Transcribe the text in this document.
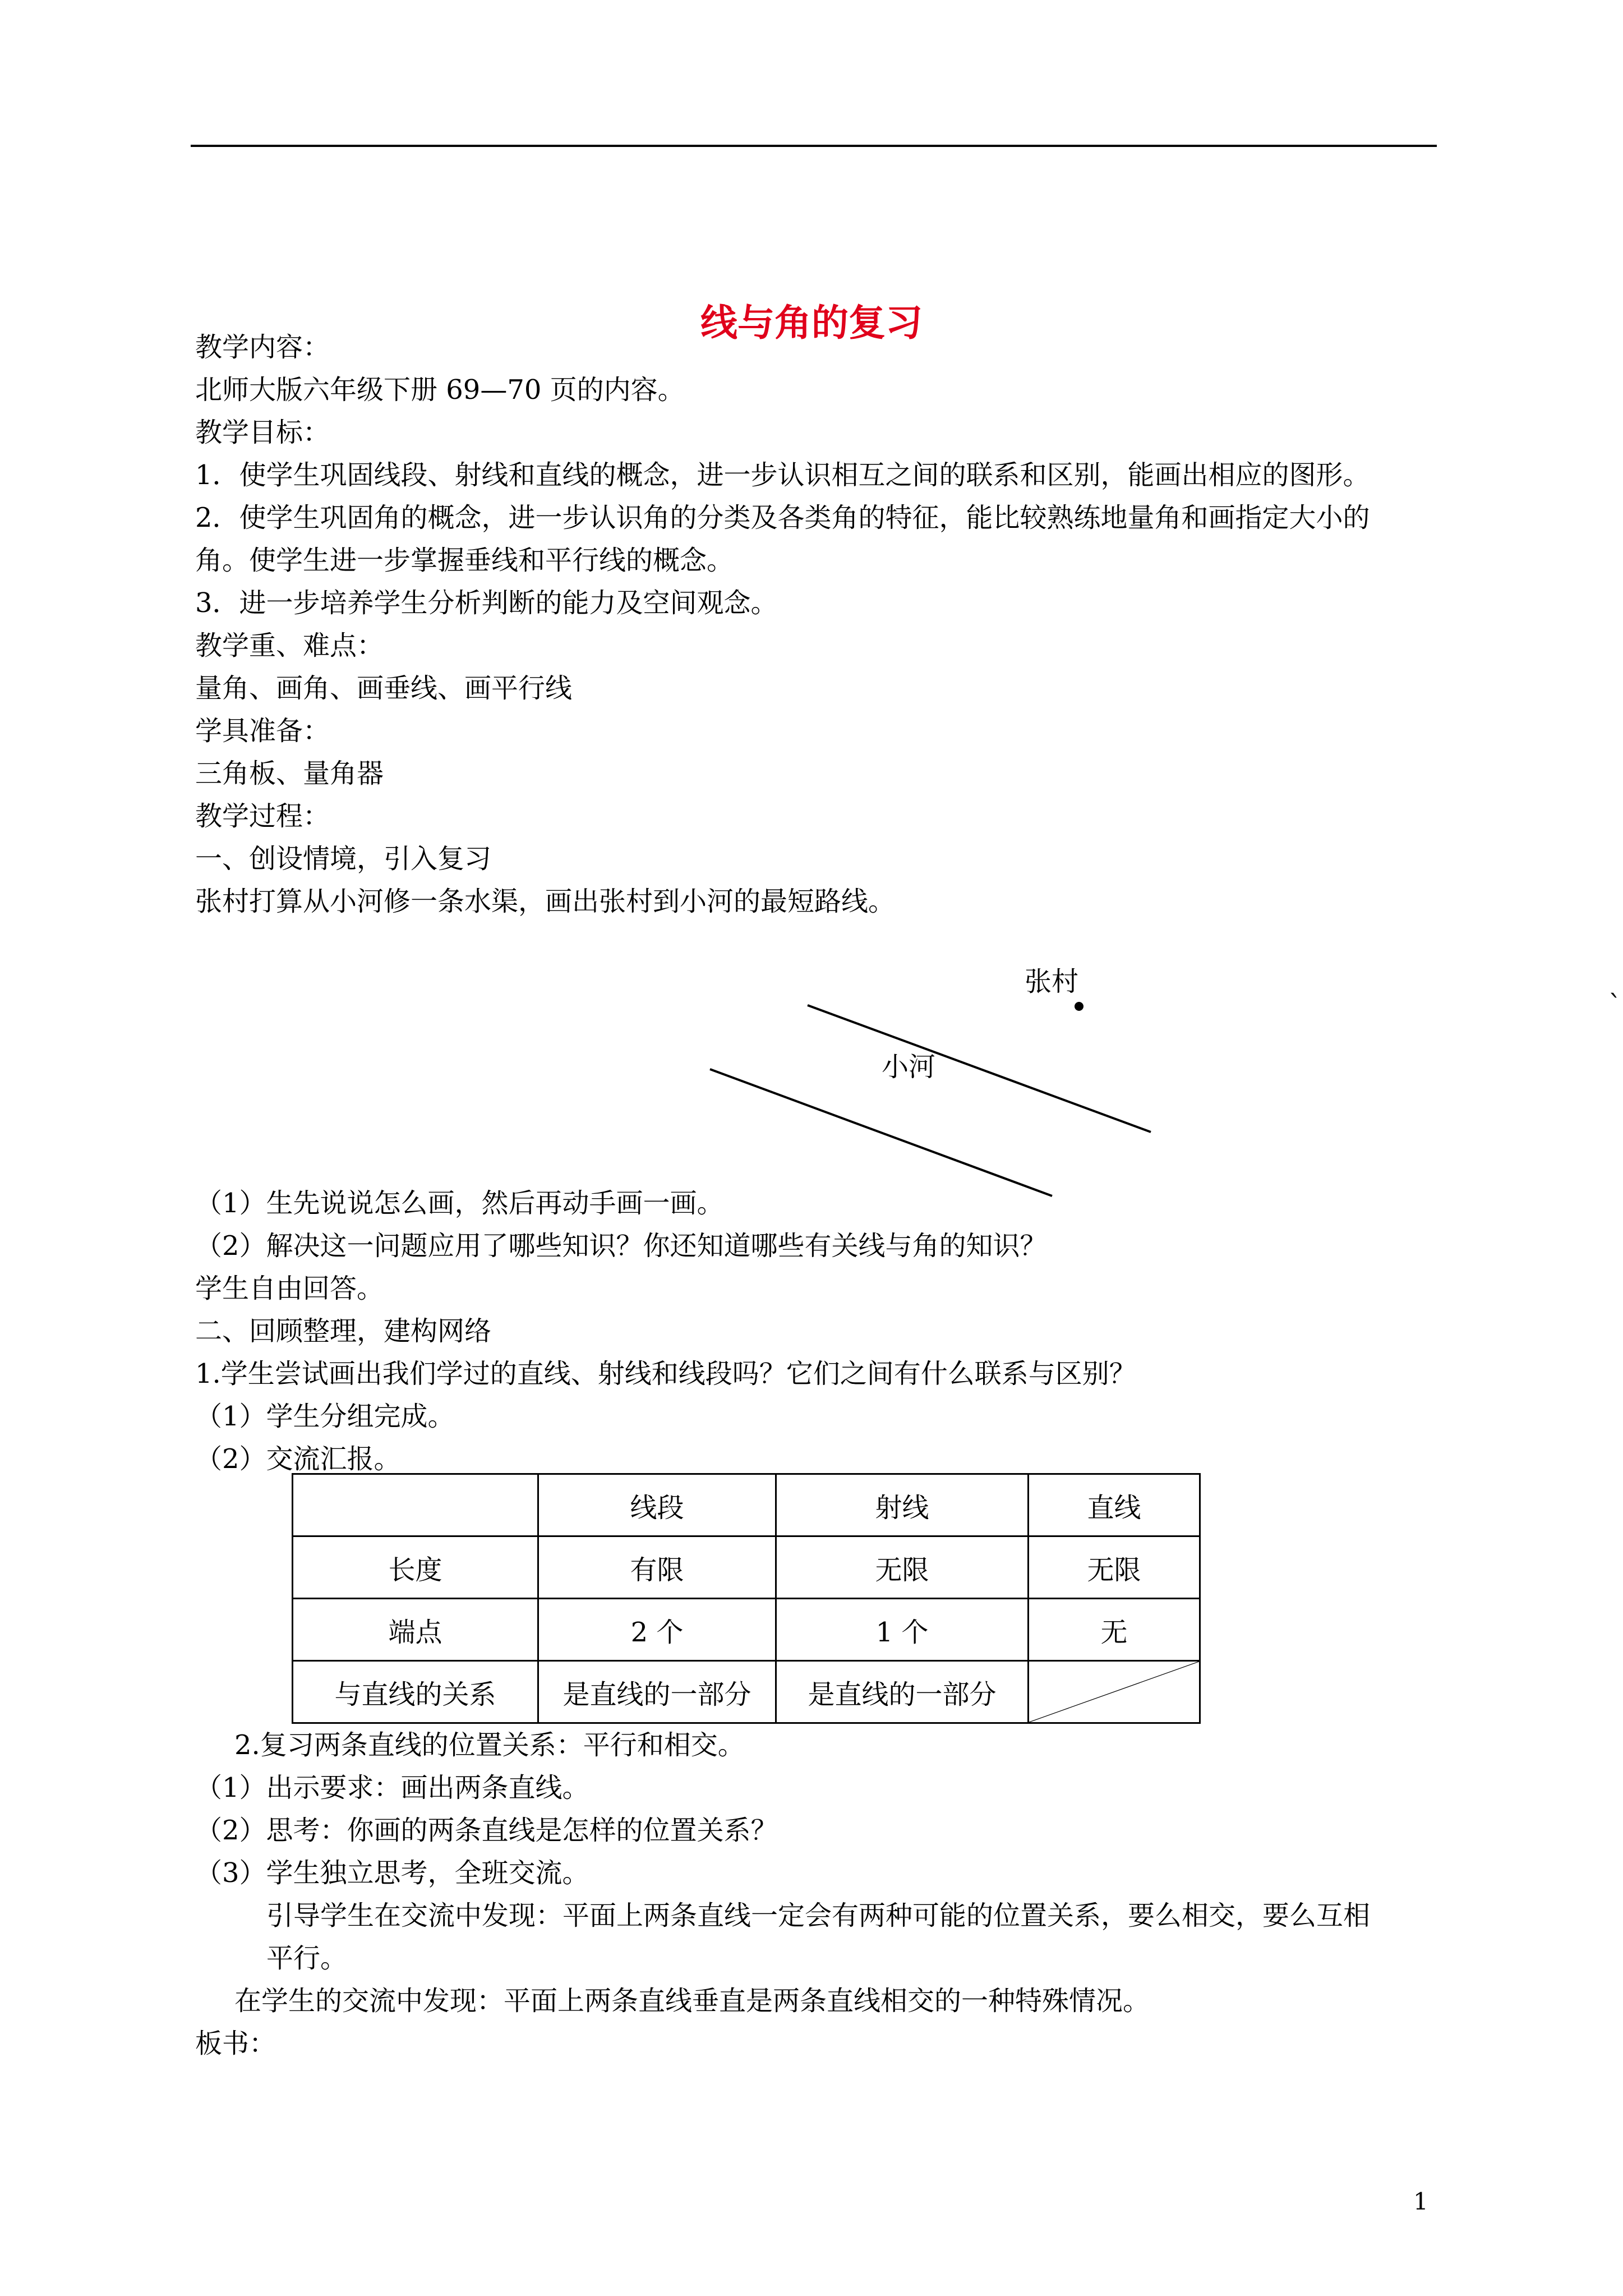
线与角的复习
教学内容：
北师大版六年级下册 69—70 页的内容。
教学目标：
1．使学生巩固线段、射线和直线的概念，进一步认识相互之间的联系和区别，能画出相应的图形。
2．使学生巩固角的概念，进一步认识角的分类及各类角的特征，能比较熟练地量角和画指定大小的
角。使学生进一步掌握垂线和平行线的概念。
3．进一步培养学生分析判断的能力及空间观念。
教学重、难点：
量角、画角、画垂线、画平行线
学具准备：
三角板、量角器
教学过程：
一、创设情境，引入复习
张村打算从小河修一条水渠，画出张村到小河的最短路线。
张村
小河
`
（1）生先说说怎么画，然后再动手画一画。
（2）解决这一问题应用了哪些知识？你还知道哪些有关线与角的知识？
学生自由回答。
二、回顾整理，建构网络
1.学生尝试画出我们学过的直线、射线和线段吗？它们之间有什么联系与区别？
（1）学生分组完成。
（2）交流汇报。
	线段	射线	直线
长度	有限	无限	无限
端点	2 个	1 个	无
与直线的关系	是直线的一部分	是直线的一部分	
2.复习两条直线的位置关系：平行和相交。
（1）出示要求：画出两条直线。
（2）思考：你画的两条直线是怎样的位置关系？
（3）学生独立思考，全班交流。
引导学生在交流中发现：平面上两条直线一定会有两种可能的位置关系，要么相交，要么互相
平行。
在学生的交流中发现：平面上两条直线垂直是两条直线相交的一种特殊情况。
板书：
1
